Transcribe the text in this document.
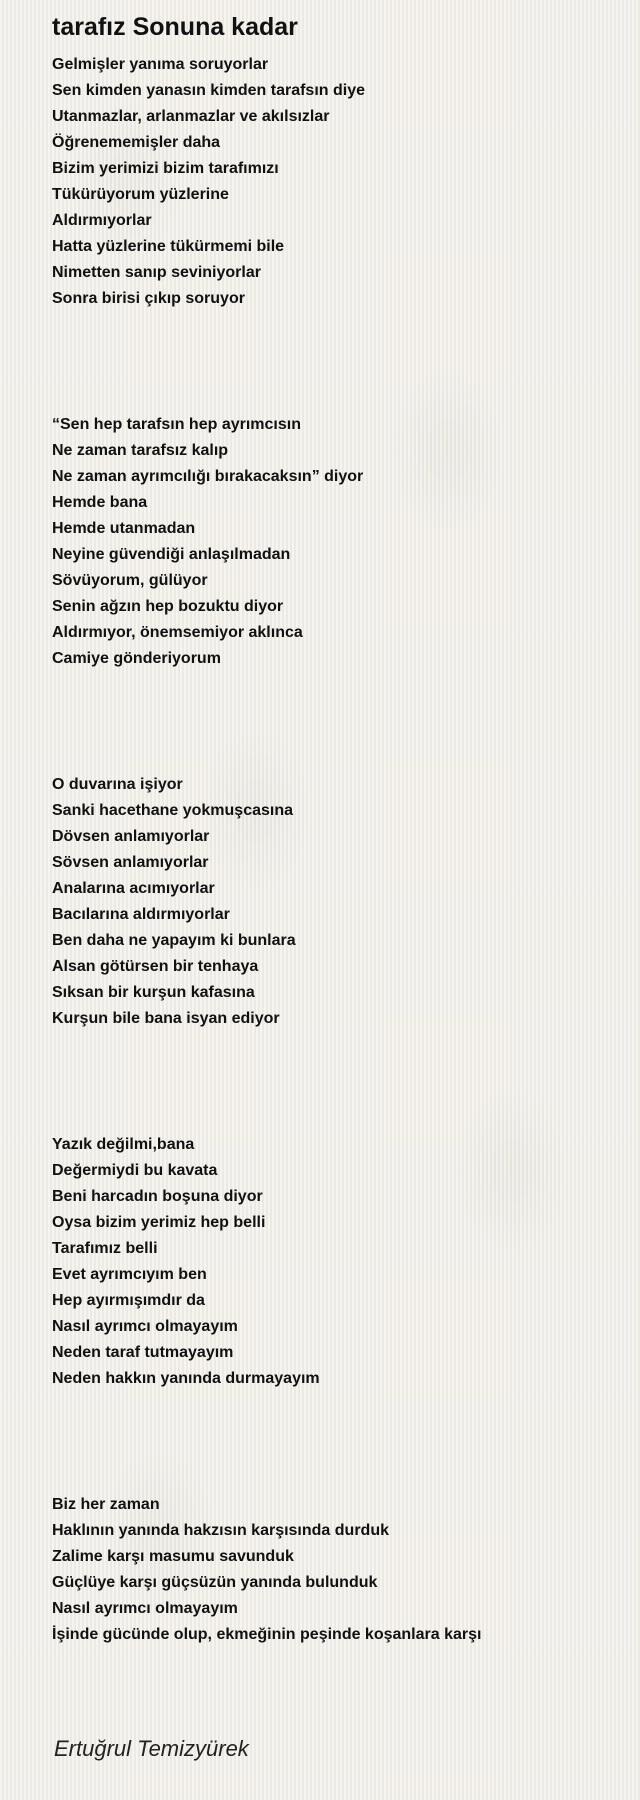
tarafız Sonuna kadar
Gelmişler yanıma soruyorlar
Sen kimden yanasın kimden tarafsın diye
Utanmazlar, arlanmazlar ve akılsızlar
Öğrenememişler daha
Bizim yerimizi bizim tarafımızı
Tükürüyorum yüzlerine
Aldırmıyorlar
Hatta yüzlerine tükürmemi bile
Nimetten sanıp seviniyorlar
Sonra birisi çıkıp soruyor
“Sen hep tarafsın hep ayrımcısın
Ne zaman tarafsız kalıp
Ne zaman ayrımcılığı bırakacaksın” diyor
Hemde bana
Hemde utanmadan
Neyine güvendiği anlaşılmadan
Sövüyorum, gülüyor
Senin ağzın hep bozuktu diyor
Aldırmıyor, önemsemiyor aklınca
Camiye gönderiyorum
O duvarına işiyor
Sanki hacethane yokmuşcasına
Dövsen anlamıyorlar
Sövsen anlamıyorlar
Analarına acımıyorlar
Bacılarına aldırmıyorlar
Ben daha ne yapayım ki bunlara
Alsan götürsen bir tenhaya
Sıksan bir kurşun kafasına
Kurşun bile bana isyan ediyor
Yazık değilmi,bana
Değermiydi bu kavata
Beni harcadın boşuna diyor
Oysa bizim yerimiz hep belli
Tarafımız belli
Evet ayrımcıyım ben
Hep ayırmışımdır da
Nasıl ayrımcı olmayayım
Neden taraf tutmayayım
Neden hakkın yanında durmayayım
Biz her zaman
Haklının yanında hakzısın karşısında durduk
Zalime karşı masumu savunduk
Güçlüye karşı güçsüzün yanında bulunduk
Nasıl ayrımcı olmayayım
İşinde gücünde olup, ekmeğinin peşinde koşanlara karşı
Ertuğrul Temizyürek
